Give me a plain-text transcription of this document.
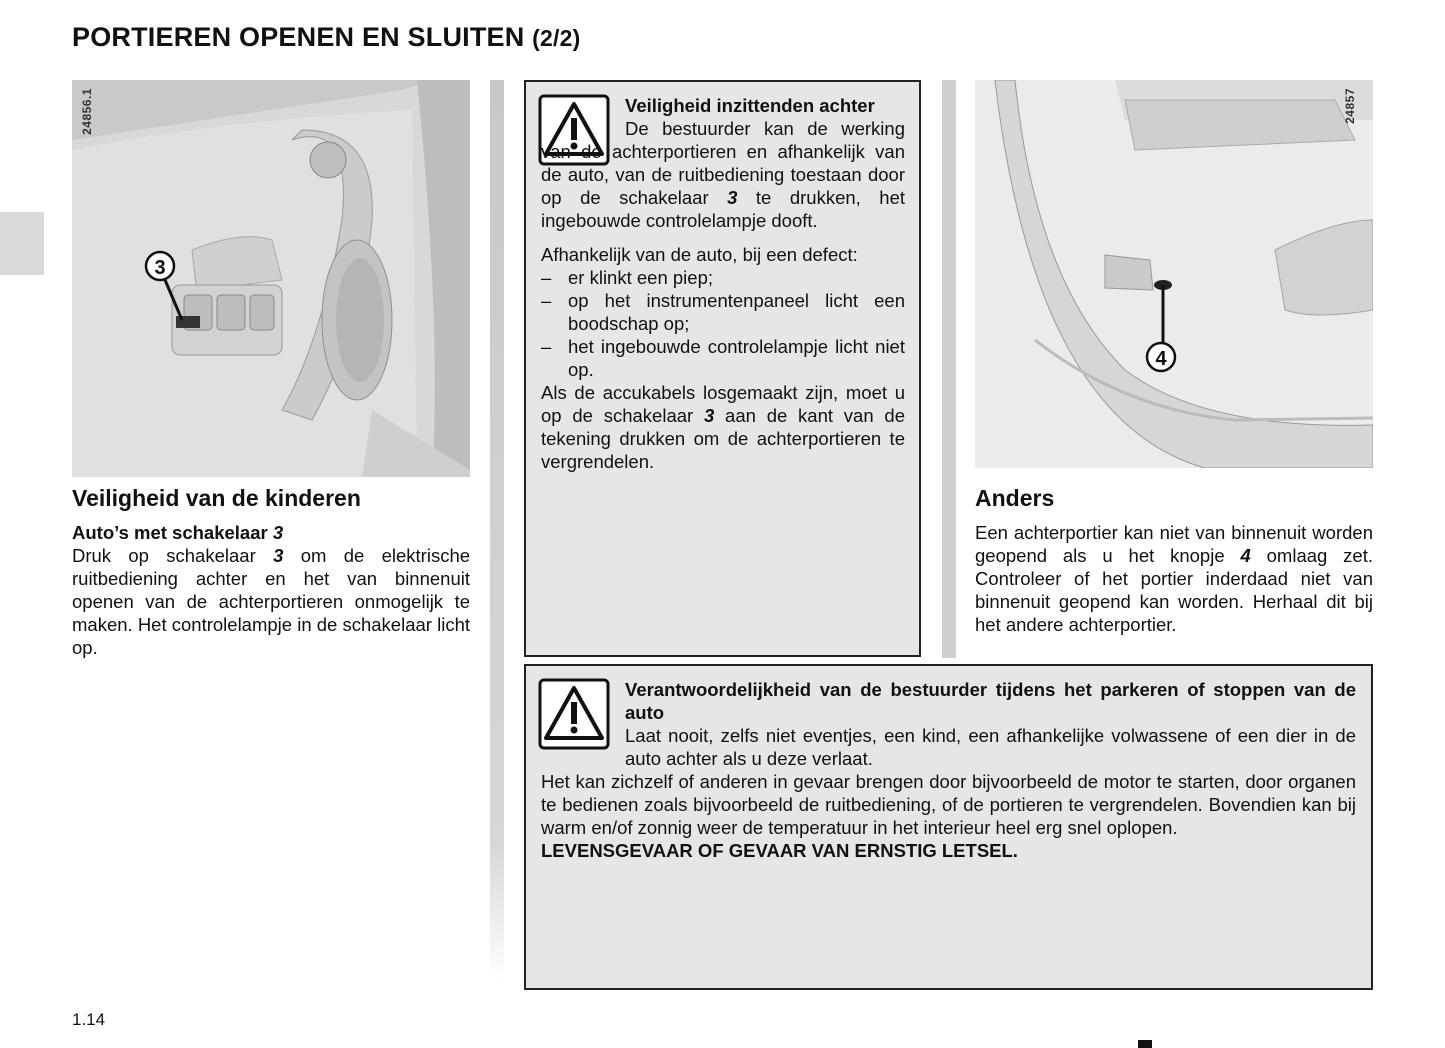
PORTIEREN OPENEN EN SLUITEN (2/2)
3
24856.1
Veiligheid van de kinderen
Auto’s met schakelaar 3
Druk op schakelaar 3 om de elektrische ruitbediening achter en het van binnenuit openen van de achterportieren onmogelijk te maken. Het controlelampje in de schakelaar licht op.

Veiligheid inzittenden achter

De bestuurder kan de werking van de achterportieren en afhankelijk van de auto, van de ruitbediening toestaan door op de schakelaar 3 te drukken, het ingebouwde controlelampje dooft.

Afhankelijk van de auto, bij een defect:

– er klinkt een piep;
– op het instrumentenpaneel licht een boodschap op;
– het ingebouwde controlelampje licht niet op.

Als de accukabels losgemaakt zijn, moet u op de schakelaar 3 aan de kant van de tekening drukken om de achterportieren te vergrendelen.

4
24857
Anders
Een achterportier kan niet van binnenuit worden geopend als u het knopje 4 omlaag zet. Controleer of het portier inderdaad niet van binnenuit geopend kan worden. Herhaal dit bij het andere achterportier.

Verantwoordelijkheid van de bestuurder tijdens het parkeren of stoppen van de auto

Laat nooit, zelfs niet eventjes, een kind, een afhankelijke volwassene of een dier in de auto achter als u deze verlaat.

Het kan zichzelf of anderen in gevaar brengen door bijvoorbeeld de motor te starten, door organen te bedienen zoals bijvoorbeeld de ruitbediening, of de portieren te vergrendelen. Bovendien kan bij warm en/of zonnig weer de temperatuur in het interieur heel erg snel oplopen.

LEVENSGEVAAR OF GEVAAR VAN ERNSTIG LETSEL.

1.14
